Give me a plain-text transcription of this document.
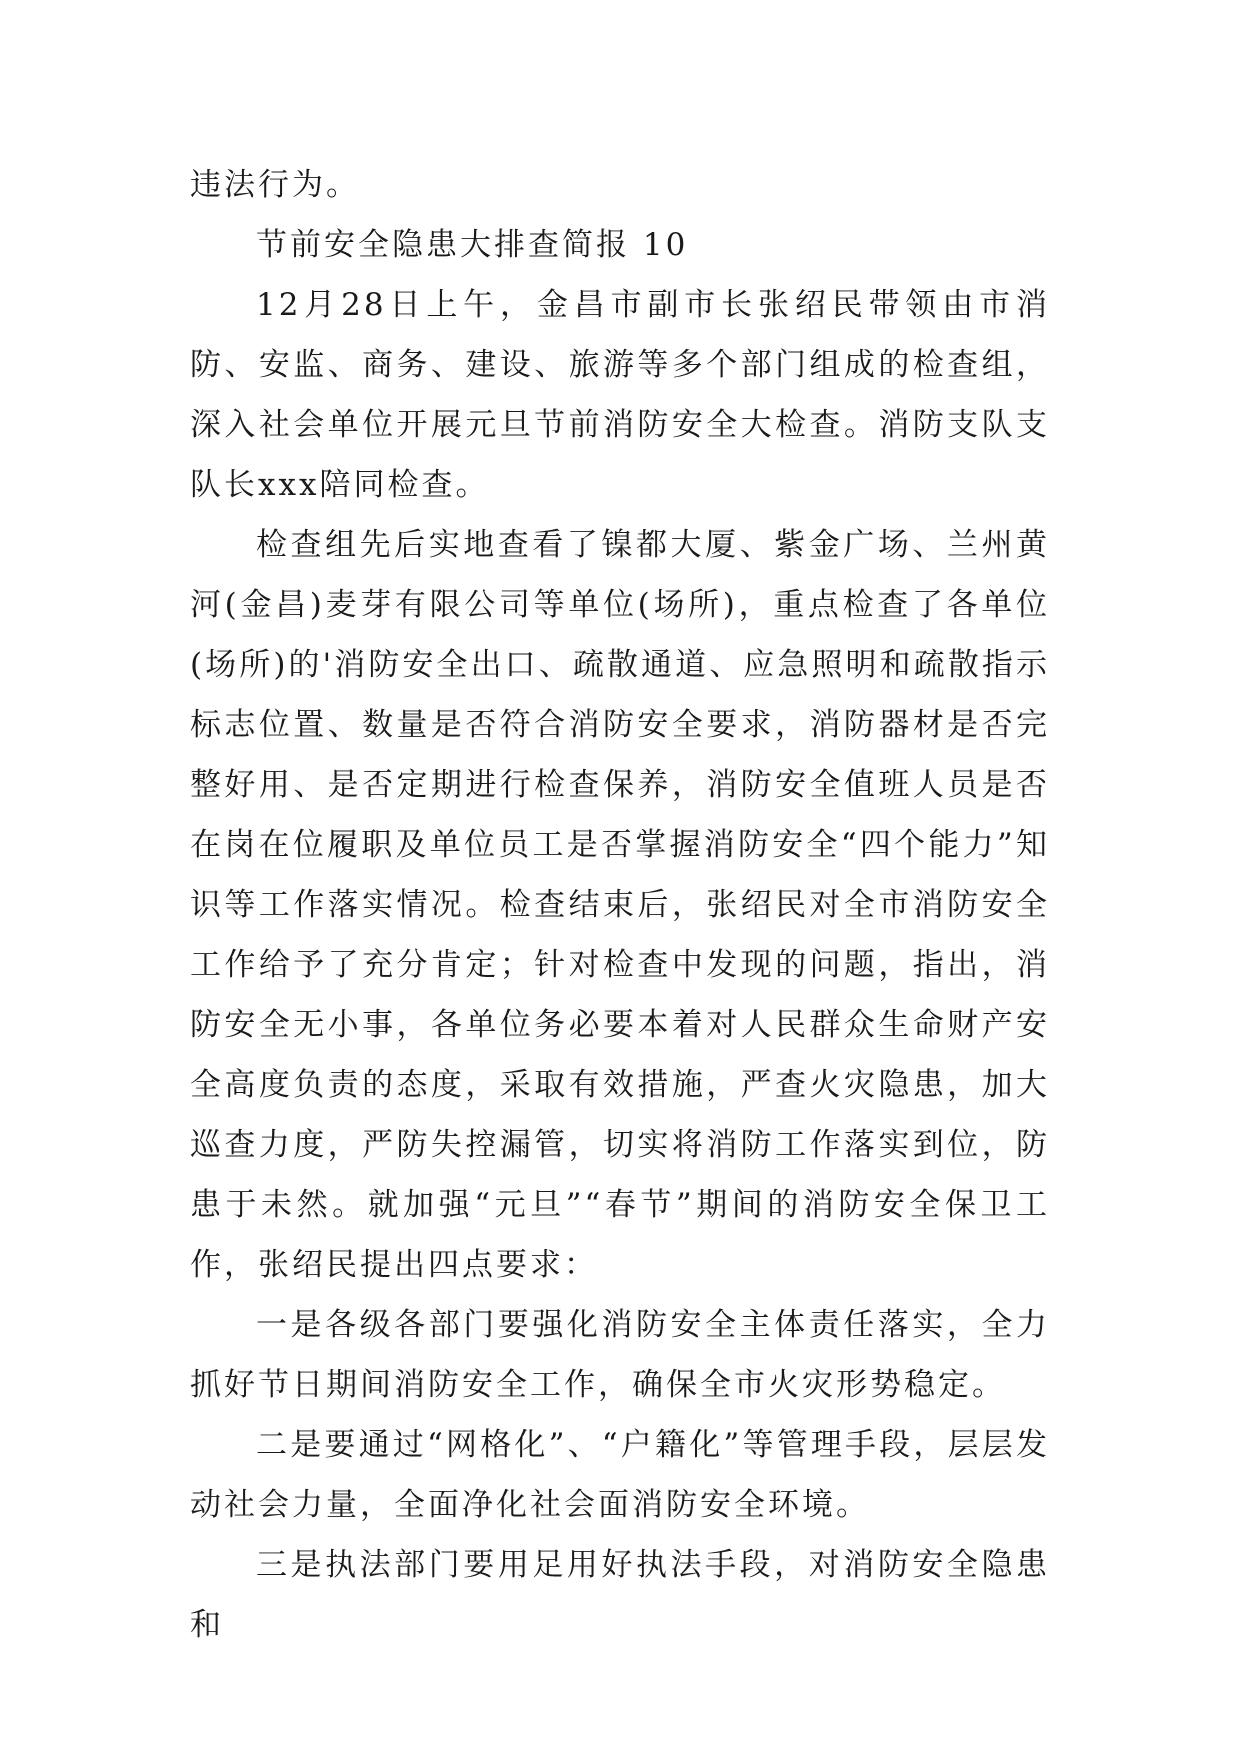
违法行为。

节前安全隐患大排查简报 10

12月28日上午，金昌市副市长张绍民带领由市消防、安监、商务、建设、旅游等多个部门组成的检查组，深入社会单位开展元旦节前消防安全大检查。消防支队支队长xxx陪同检查。

检查组先后实地查看了镍都大厦、紫金广场、兰州黄河(金昌)麦芽有限公司等单位(场所)，重点检查了各单位(场所)的'消防安全出口、疏散通道、应急照明和疏散指示标志位置、数量是否符合消防安全要求，消防器材是否完整好用、是否定期进行检查保养，消防安全值班人员是否在岗在位履职及单位员工是否掌握消防安全“四个能力”知识等工作落实情况。检查结束后，张绍民对全市消防安全工作给予了充分肯定；针对检查中发现的问题，指出，消防安全无小事，各单位务必要本着对人民群众生命财产安全高度负责的态度，采取有效措施，严查火灾隐患，加大巡查力度，严防失控漏管，切实将消防工作落实到位，防患于未然。就加强“元旦”“春节”期间的消防安全保卫工作，张绍民提出四点要求：

一是各级各部门要强化消防安全主体责任落实，全力抓好节日期间消防安全工作，确保全市火灾形势稳定。

二是要通过“网格化”、“户籍化”等管理手段，层层发动社会力量，全面净化社会面消防安全环境。

三是执法部门要用足用好执法手段，对消防安全隐患和
